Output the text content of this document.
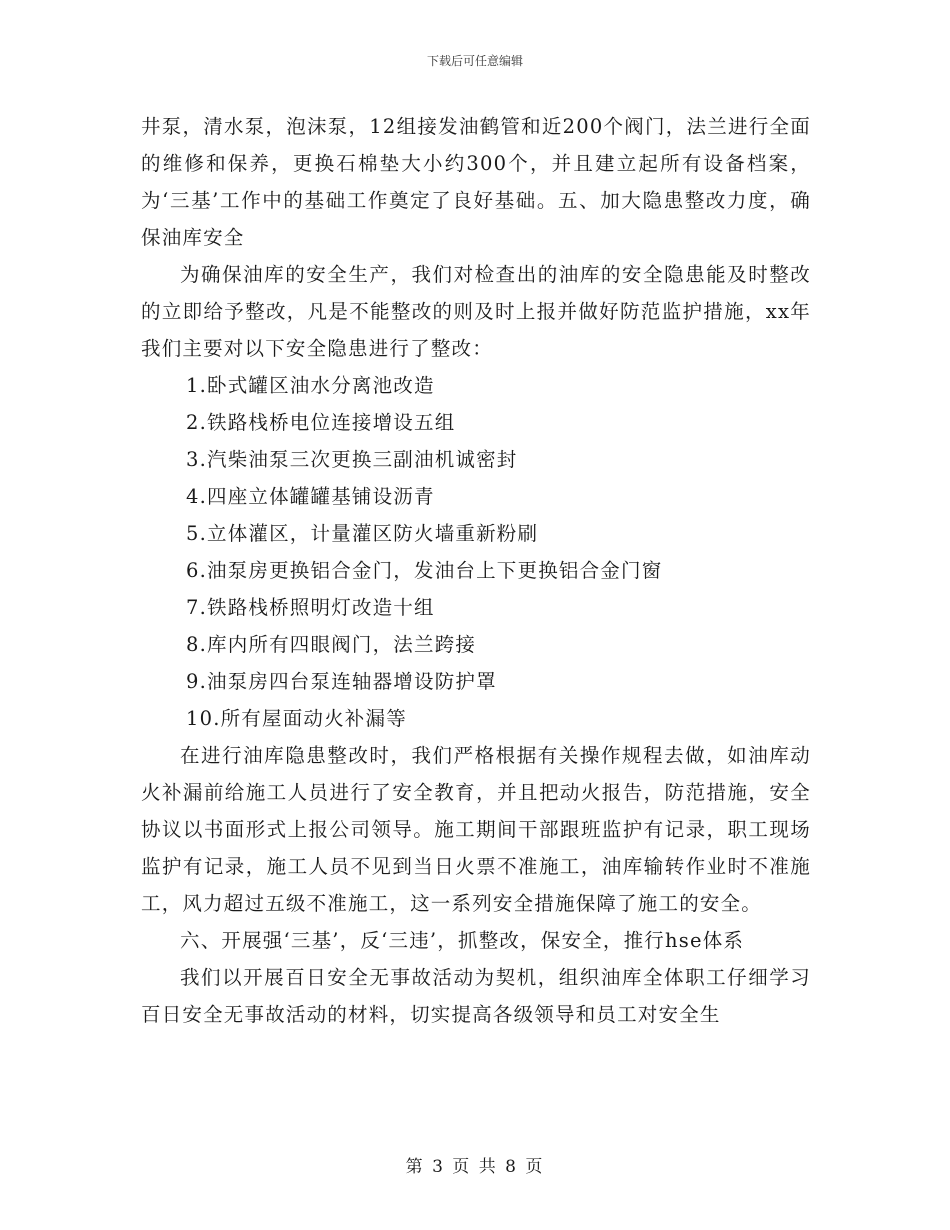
下载后可任意编辑

井泵，清水泵，泡沫泵，12组接发油鹤管和近200个阀门，法兰进行全面的维修和保养，更换石棉垫大小约300个，并且建立起所有设备档案，为‘三基’工作中的基础工作奠定了良好基础。五、加大隐患整改力度，确保油库安全

为确保油库的安全生产，我们对检查出的油库的安全隐患能及时整改的立即给予整改，凡是不能整改的则及时上报并做好防范监护措施，xx年我们主要对以下安全隐患进行了整改：

1.卧式罐区油水分离池改造

2.铁路栈桥电位连接增设五组

3.汽柴油泵三次更换三副油机诚密封

4.四座立体罐罐基铺设沥青

5.立体灌区，计量灌区防火墙重新粉刷

6.油泵房更换铝合金门，发油台上下更换铝合金门窗

7.铁路栈桥照明灯改造十组

8.库内所有四眼阀门，法兰跨接

9.油泵房四台泵连轴器增设防护罩

10.所有屋面动火补漏等

在进行油库隐患整改时，我们严格根据有关操作规程去做，如油库动火补漏前给施工人员进行了安全教育，并且把动火报告，防范措施，安全协议以书面形式上报公司领导。施工期间干部跟班监护有记录，职工现场监护有记录，施工人员不见到当日火票不准施工，油库输转作业时不准施工，风力超过五级不准施工，这一系列安全措施保障了施工的安全。

六、开展强‘三基’，反‘三违’，抓整改，保安全，推行hse体系

我们以开展百日安全无事故活动为契机，组织油库全体职工仔细学习百日安全无事故活动的材料，切实提高各级领导和员工对安全生

第 3 页 共 8 页
